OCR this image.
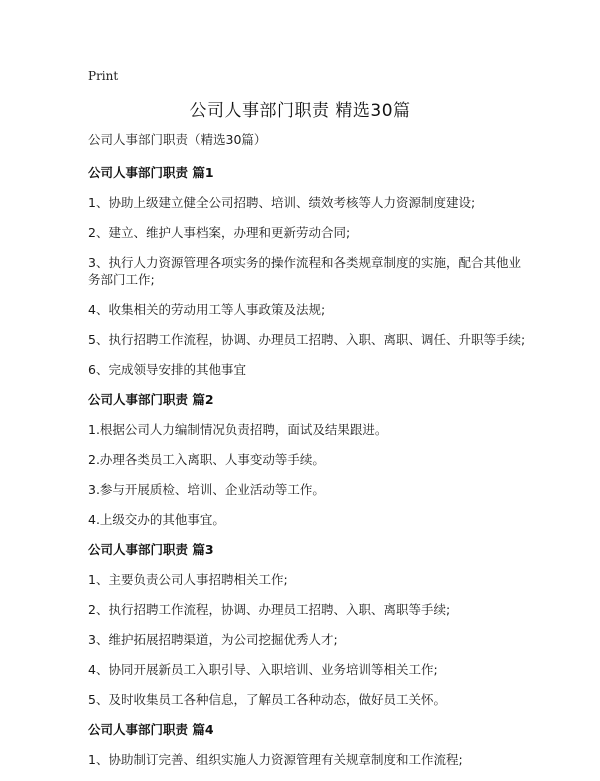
Print
公司人事部门职责 精选30篇

公司人事部门职责（精选30篇）

公司人事部门职责 篇1

1、协助上级建立健全公司招聘、培训、绩效考核等人力资源制度建设;

2、建立、维护人事档案，办理和更新劳动合同;

3、执行人力资源管理各项实务的操作流程和各类规章制度的实施，配合其他业务部门工作;

4、收集相关的劳动用工等人事政策及法规;

5、执行招聘工作流程，协调、办理员工招聘、入职、离职、调任、升职等手续;

6、完成领导安排的其他事宜

公司人事部门职责 篇2

1.根据公司人力编制情况负责招聘，面试及结果跟进。

2.办理各类员工入离职、人事变动等手续。

3.参与开展质检、培训、企业活动等工作。

4.上级交办的其他事宜。

公司人事部门职责 篇3

1、主要负责公司人事招聘相关工作;

2、执行招聘工作流程，协调、办理员工招聘、入职、离职等手续;

3、维护拓展招聘渠道，为公司挖掘优秀人才;

4、协同开展新员工入职引导、入职培训、业务培训等相关工作;

5、及时收集员工各种信息，了解员工各种动态，做好员工关怀。

公司人事部门职责 篇4

1、协助制订完善、组织实施人力资源管理有关规章制度和工作流程;
